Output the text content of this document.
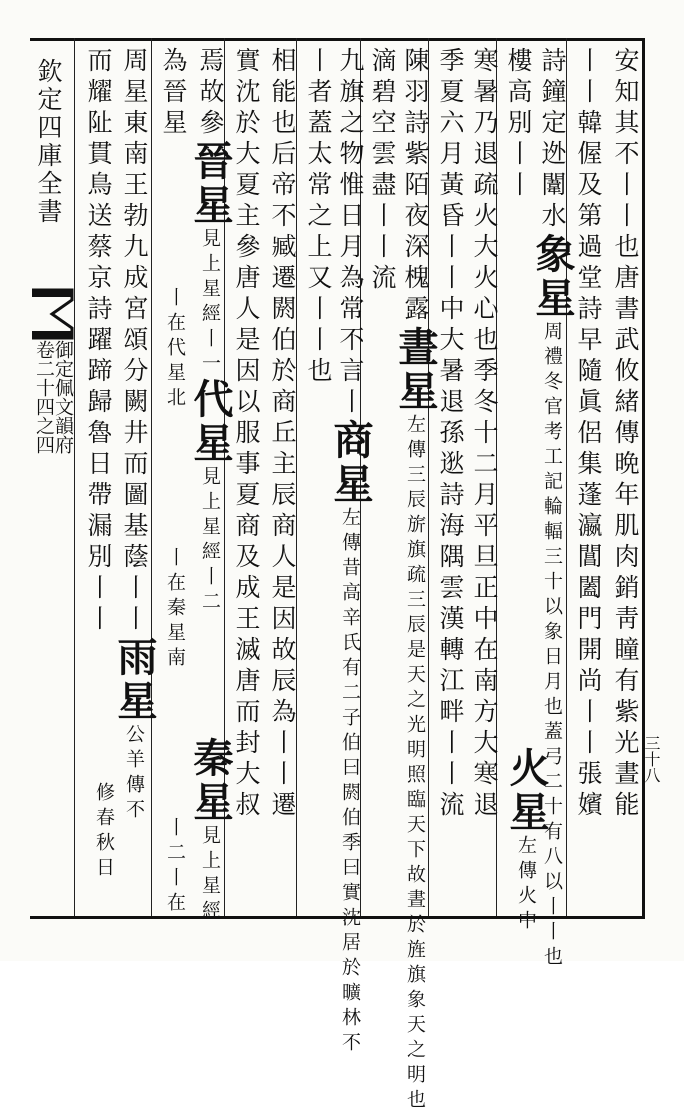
欽定四庫全書
御定佩文韻府
卷二十四之四
三十八
安知其不丨丨也唐書武攸緒傳晩年肌肉銷靑瞳有紫光晝能
丨丨韓偓及第過堂詩早隨眞侶集蓬瀛閶闔門開尚丨丨張嬪
詩鐘定迯闈水象星周禮冬官考工記輪輻三十以象日月也蓋弓二十有八以丨丨也
樓高別丨丨
火星左傳火中
寒暑乃退疏火大火心也季冬十二月平旦正中在南方大寒退
季夏六月黃昏丨丨中大暑退孫逖詩海隅雲漢轉江畔丨丨流
陳羽詩紫陌夜深槐露晝星左傳三辰旂旗疏三辰是天之光明照臨天下故晝於旌旗象天之明也
滴碧空雲盡丨丨流
九旗之物惟日月為常不言丨商星左傳昔高辛氏有二子伯曰閼伯季曰實沈居於曠林不
丨者蓋太常之上又丨丨也
相能也后帝不臧遷閼伯於商丘主辰商人是因故辰為丨丨遷
實沈於大夏主參唐人是因以服事夏商及成王滅唐而封大叔
焉故參晉星見上星經丨一代星見上星經丨二
秦星見上星經
為晉星
丨在代星北
丨在秦星南
丨二丨在
周星東南王勃九成宮頌分闕井而圖基蔭丨丨雨星公羊傳不
而耀阯貫鳥送蔡京詩躍蹄歸魯日帶漏別丨丨
修春秋日
